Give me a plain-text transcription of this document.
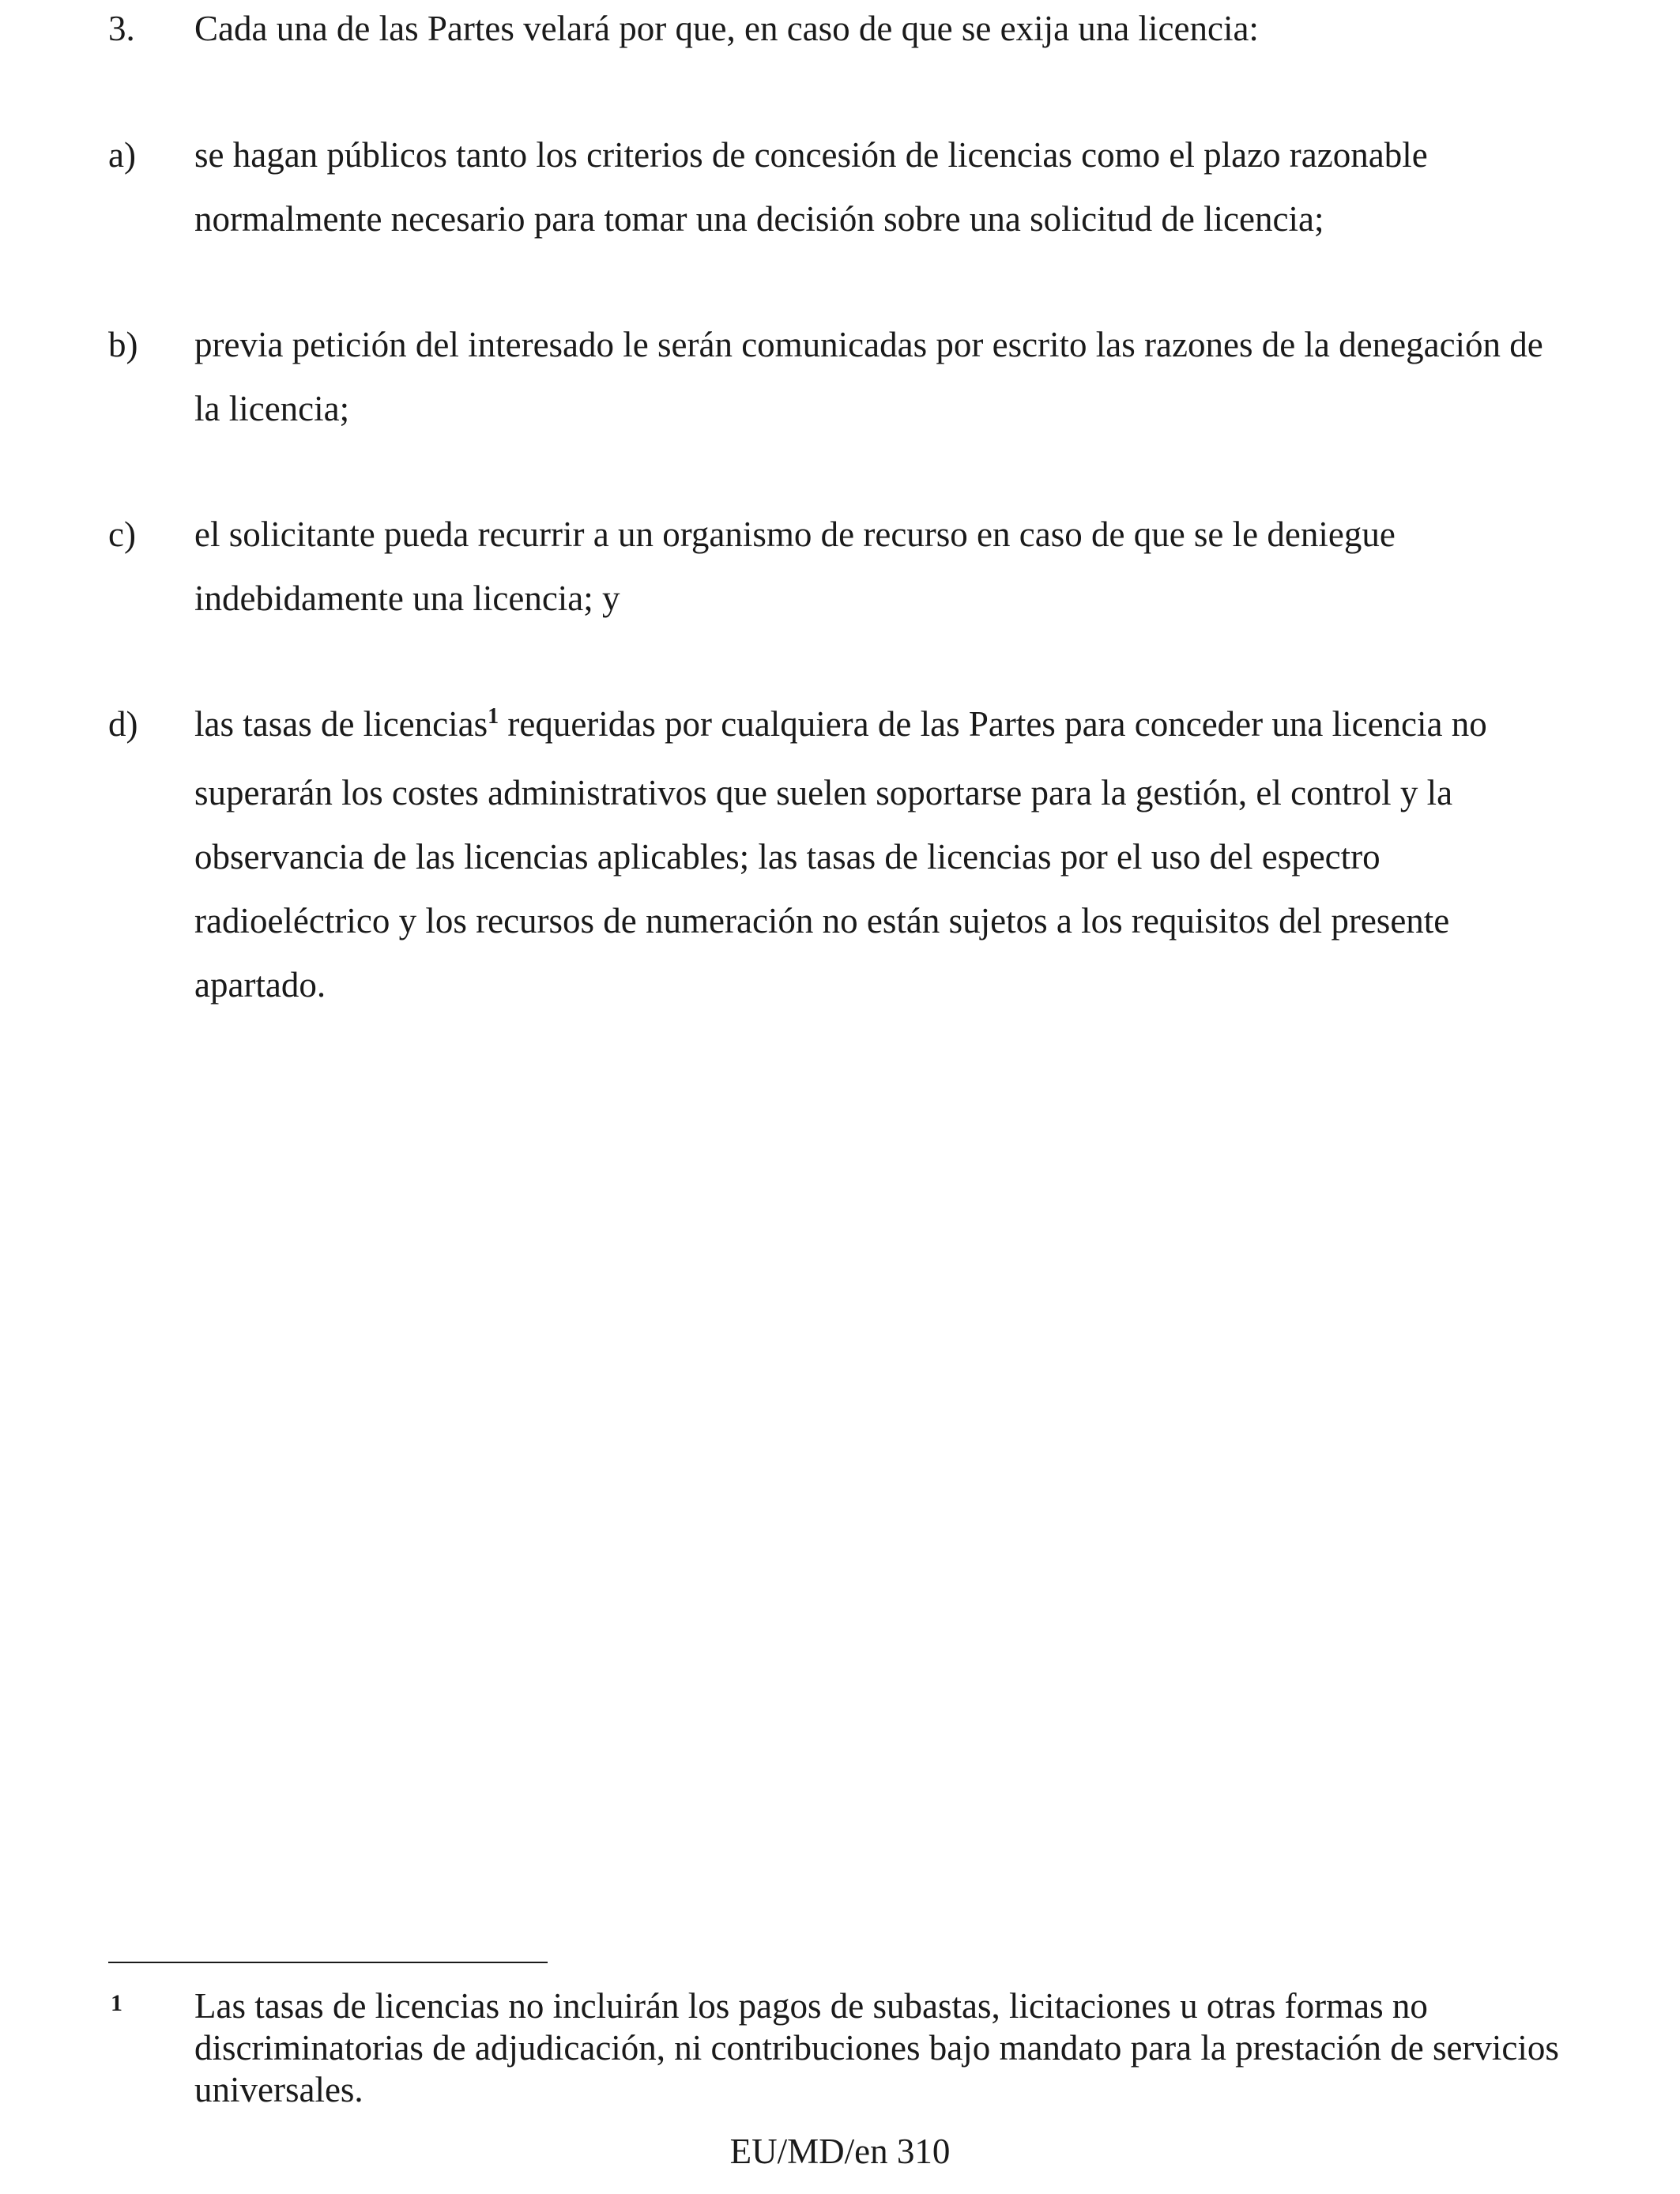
3. Cada una de las Partes velará por que, en caso de que se exija una licencia:
a) se hagan públicos tanto los criterios de concesión de licencias como el plazo razonable normalmente necesario para tomar una decisión sobre una solicitud de licencia;
b) previa petición del interesado le serán comunicadas por escrito las razones de la denegación de la licencia;
c) el solicitante pueda recurrir a un organismo de recurso en caso de que se le deniegue indebidamente una licencia; y
d) las tasas de licencias$^1$ requeridas por cualquiera de las Partes para conceder una licencia no superarán los costes administrativos que suelen soportarse para la gestión, el control y la observancia de las licencias aplicables; las tasas de licencias por el uso del espectro radioeléctrico y los recursos de numeración no están sujetos a los requisitos del presente apartado.
1 Las tasas de licencias no incluirán los pagos de subastas, licitaciones u otras formas no discriminatorias de adjudicación, ni contribuciones bajo mandato para la prestación de servicios universales.
EU/MD/en 310
